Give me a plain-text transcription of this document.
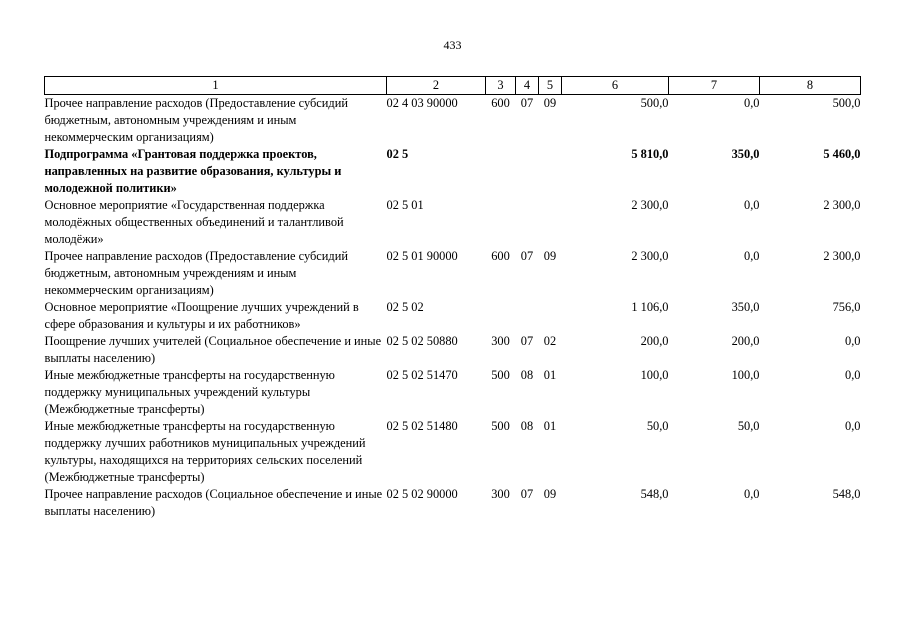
433
1	2	3	4	5	6	7	8
Прочее направление расходов (Предоставление субсидий бюджетным, автономным учреждениям и иным некоммерческим организациям)	02 4 03 90000	600	07	09	500,0	0,0	500,0
Подпрограмма «Грантовая поддержка проектов, направленных на развитие образования, культуры и молодежной политики»	02 5				5 810,0	350,0	5 460,0
Основное мероприятие «Государственная поддержка молодёжных общественных объединений и талантливой молодёжи»	02 5 01				2 300,0	0,0	2 300,0
Прочее направление расходов (Предоставление субсидий бюджетным, автономным учреждениям и иным некоммерческим организациям)	02 5 01 90000	600	07	09	2 300,0	0,0	2 300,0
Основное мероприятие «Поощрение лучших учреждений в сфере образования и культуры и их работников»	02 5 02				1 106,0	350,0	756,0
Поощрение лучших учителей (Социальное обеспечение и иные выплаты населению)	02 5 02 50880	300	07	02	200,0	200,0	0,0
Иные межбюджетные трансферты на государственную поддержку муниципальных учреждений культуры (Межбюджетные трансферты)	02 5 02 51470	500	08	01	100,0	100,0	0,0
Иные межбюджетные трансферты на государственную поддержку лучших работников муниципальных учреждений культуры, находящихся на территориях сельских поселений (Межбюджетные трансферты)	02 5 02 51480	500	08	01	50,0	50,0	0,0
Прочее направление расходов (Социальное обеспечение и иные выплаты населению)	02 5 02 90000	300	07	09	548,0	0,0	548,0
